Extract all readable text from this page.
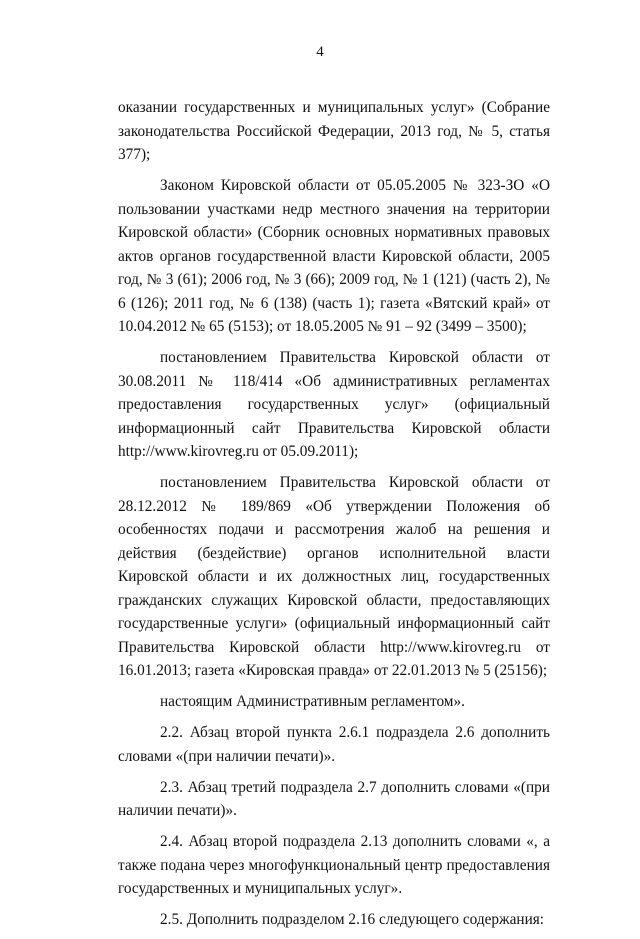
4

оказании государственных и муниципальных услуг» (Собрание законодательства Российской Федерации, 2013 год, № 5, статья 377);

Законом Кировской области от 05.05.2005 № 323-ЗО «О пользовании участками недр местного значения на территории Кировской области» (Сборник основных нормативных правовых актов органов государственной власти Кировской области, 2005 год, № 3 (61); 2006 год, № 3 (66); 2009 год, № 1 (121) (часть 2), № 6 (126); 2011 год, № 6 (138) (часть 1); газета «Вятский край» от 10.04.2012 № 65 (5153); от 18.05.2005 № 91 – 92 (3499 – 3500);

постановлением Правительства Кировской области от 30.08.2011 № 118/414 «Об административных регламентах предоставления государственных услуг» (официальный информационный сайт Правительства Кировской области http://www.kirovreg.ru от 05.09.2011);

постановлением Правительства Кировской области от 28.12.2012 № 189/869 «Об утверждении Положения об особенностях подачи и рассмотрения жалоб на решения и действия (бездействие) органов исполнительной власти Кировской области и их должностных лиц, государственных гражданских служащих Кировской области, предоставляющих государственные услуги» (официальный информационный сайт Правительства Кировской области http://www.kirovreg.ru от 16.01.2013; газета «Кировская правда» от 22.01.2013 № 5 (25156);

настоящим Административным регламентом».

2.2. Абзац второй пункта 2.6.1 подраздела 2.6 дополнить словами «(при наличии печати)».

2.3. Абзац третий подраздела 2.7 дополнить словами «(при наличии печати)».

2.4. Абзац второй подраздела 2.13 дополнить словами «, а также подана через многофункциональный центр предоставления государственных и муниципальных услуг».

2.5. Дополнить подразделом 2.16 следующего содержания:
